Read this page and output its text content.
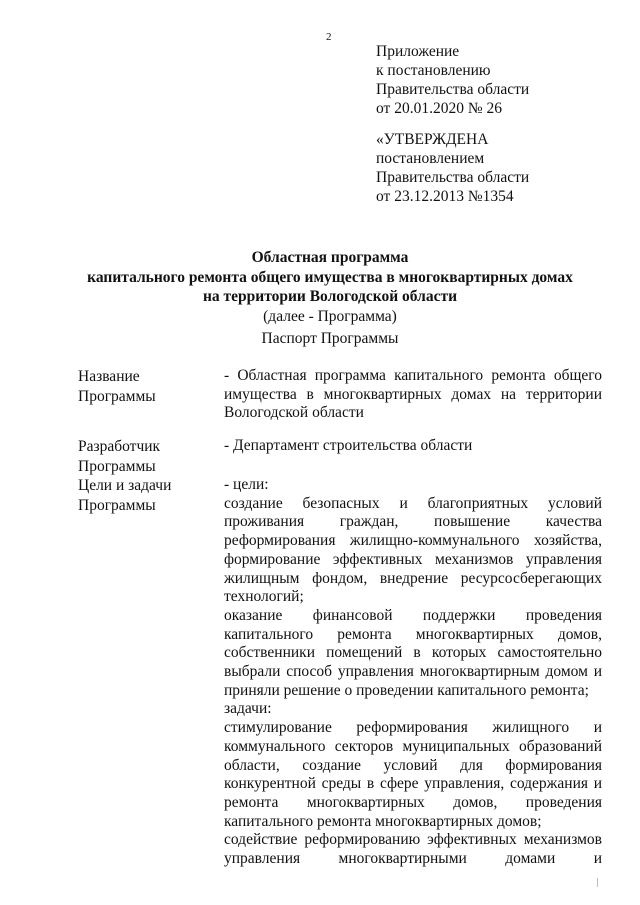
2
Приложение
к постановлению
Правительства области
от 20.01.2020 № 26
«УТВЕРЖДЕНА
постановлением
Правительства области
от 23.12.2013 №1354
Областная программа
капитального ремонта общего имущества в многоквартирных домах
на территории Вологодской области
(далее - Программа)
Паспорт Программы
Название
Программы
- Областная программа капитального ремонта общего
имущества в многоквартирных домах на территории
Вологодской области
Разработчик
Программы
- Департамент строительства области
Цели и задачи
Программы
- цели:
создание безопасных и благоприятных условий
проживания граждан, повышение качества
реформирования жилищно-коммунального хозяйства,
формирование эффективных механизмов управления
жилищным фондом, внедрение ресурсосберегающих
технологий;
оказание финансовой поддержки проведения
капитального ремонта многоквартирных домов,
собственники помещений в которых самостоятельно
выбрали способ управления многоквартирным домом и
приняли решение о проведении капитального ремонта;
задачи:
стимулирование реформирования жилищного и
коммунального секторов муниципальных образований
области, создание условий для формирования
конкурентной среды в сфере управления, содержания и
ремонта многоквартирных домов, проведения
капитального ремонта многоквартирных домов;
содействие реформированию эффективных механизмов
управления многоквартирными домами и
